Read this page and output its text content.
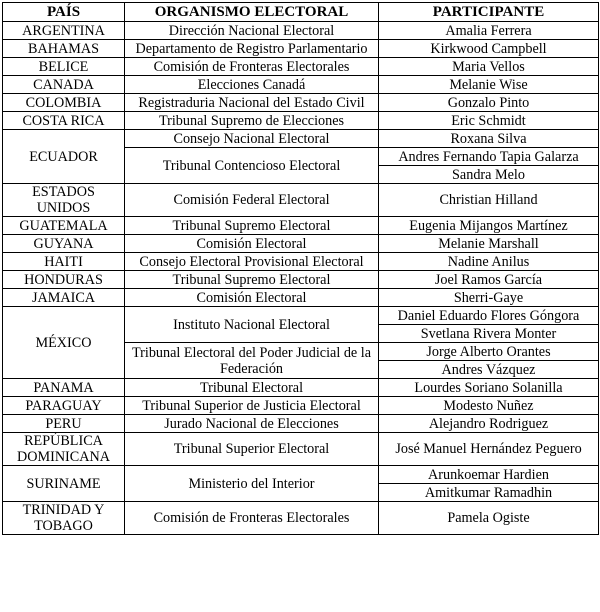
PAÍS	ORGANISMO ELECTORAL	PARTICIPANTE
ARGENTINA	Dirección Nacional Electoral	Amalia Ferrera
BAHAMAS	Departamento de Registro Parlamentario	Kirkwood Campbell
BELICE	Comisión de Fronteras Electorales	Maria Vellos
CANADA	Elecciones Canadá	Melanie Wise
COLOMBIA	Registraduria Nacional del Estado Civil	Gonzalo Pinto
COSTA RICA	Tribunal Supremo de Elecciones	Eric Schmidt
ECUADOR	Consejo Nacional Electoral	Roxana Silva
	Tribunal Contencioso Electoral	Andres Fernando Tapia Galarza
		Sandra Melo
ESTADOS UNIDOS	Comisión Federal Electoral	Christian Hilland
GUATEMALA	Tribunal Supremo Electoral	Eugenia Mijangos Martínez
GUYANA	Comisión Electoral	Melanie Marshall
HAITI	Consejo Electoral Provisional Electoral	Nadine Anilus
HONDURAS	Tribunal Supremo Electoral	Joel Ramos García
JAMAICA	Comisión Electoral	Sherri-Gaye
MÉXICO	Instituto Nacional Electoral	Daniel Eduardo Flores Góngora
		Svetlana Rivera Monter
	Tribunal Electoral del Poder Judicial de la Federación	Jorge Alberto Orantes
		Andres Vázquez
PANAMA	Tribunal Electoral	Lourdes Soriano Solanilla
PARAGUAY	Tribunal Superior de Justicia Electoral	Modesto Nuñez
PERU	Jurado Nacional de Elecciones	Alejandro Rodriguez
REPÚBLICA DOMINICANA	Tribunal Superior Electoral	José Manuel Hernández Peguero
SURINAME	Ministerio del Interior	Arunkoemar Hardien
		Amitkumar Ramadhin
TRINIDAD Y TOBAGO	Comisión de Fronteras Electorales	Pamela Ogiste
